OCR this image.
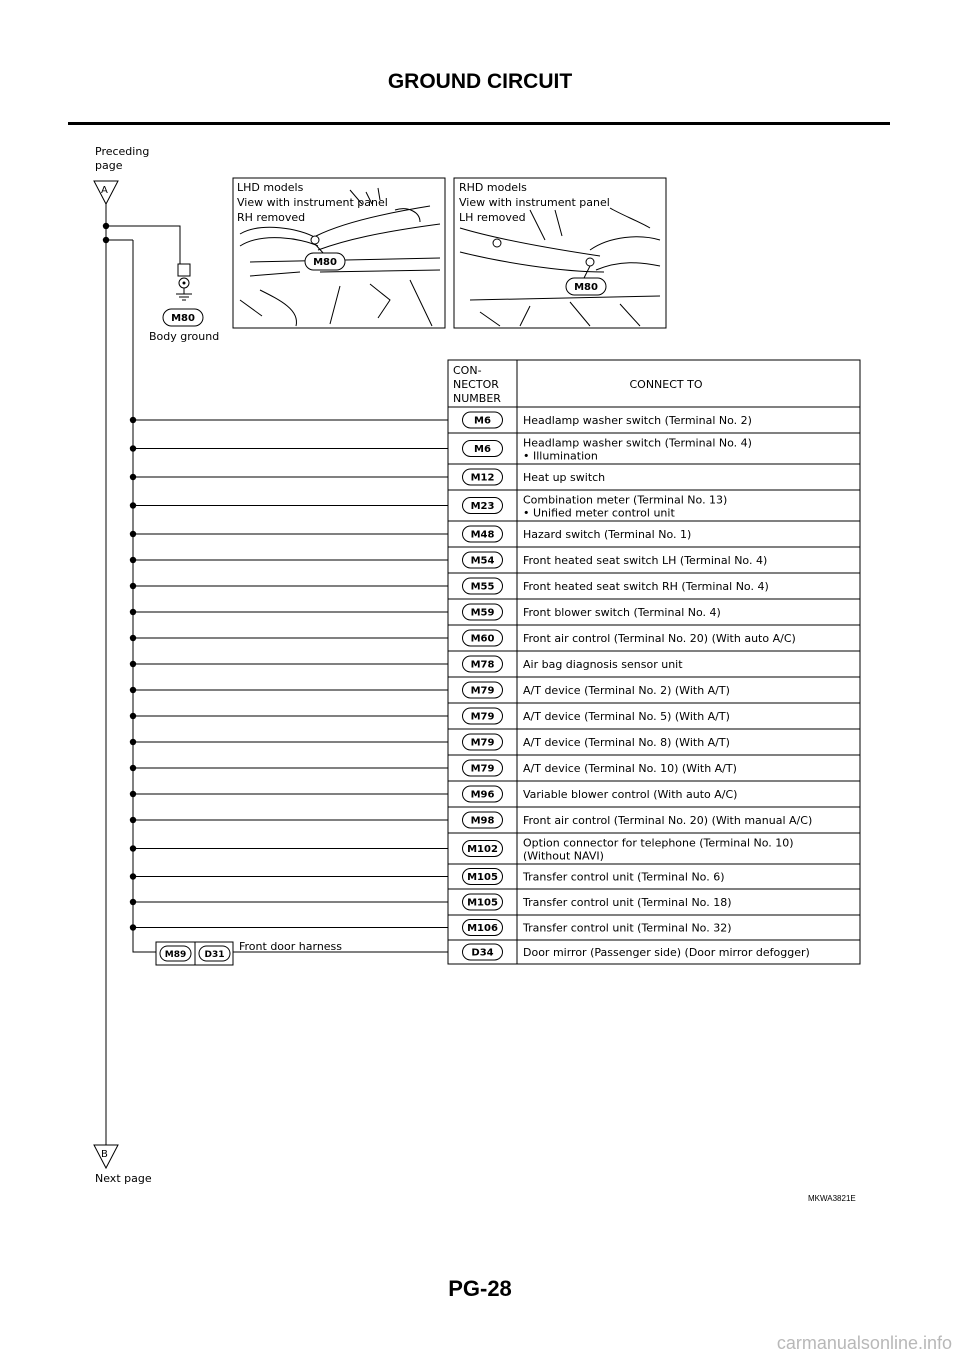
GROUND CIRCUIT
Preceding
page
A
M80
Body ground
LHD models
View with instrument panel
RH removed
M80
RHD models
View with instrument panel
LH removed
M80
CON-
NECTOR
NUMBER
CONNECT TO
M6	Headlamp washer switch (Terminal No. 2)
M6	Headlamp washer switch (Terminal No. 4)
• Illumination
M12	Heat up switch
M23	Combination meter (Terminal No. 13)
• Unified meter control unit
M48	Hazard switch (Terminal No. 1)
M54	Front heated seat switch LH (Terminal No. 4)
M55	Front heated seat switch RH (Terminal No. 4)
M59	Front blower switch (Terminal No. 4)
M60	Front air control (Terminal No. 20) (With auto A/C)
M78	Air bag diagnosis sensor unit
M79	A/T device (Terminal No. 2) (With A/T)
M79	A/T device (Terminal No. 5) (With A/T)
M79	A/T device (Terminal No. 8) (With A/T)
M79	A/T device (Terminal No. 10) (With A/T)
M96	Variable blower control (With auto A/C)
M98	Front air control (Terminal No. 20) (With manual A/C)
M102 Option connector for telephone (Terminal No. 10)
(Without NAVI)
M105 Transfer control unit (Terminal No. 6)
M105 Transfer control unit (Terminal No. 18)
M106 Transfer control unit (Terminal No. 32)
D34	Door mirror (Passenger side) (Door mirror defogger)
M89 D31
Front door harness
B
Next page
MKWA3821E
PG-28
carmanualsonline.info
